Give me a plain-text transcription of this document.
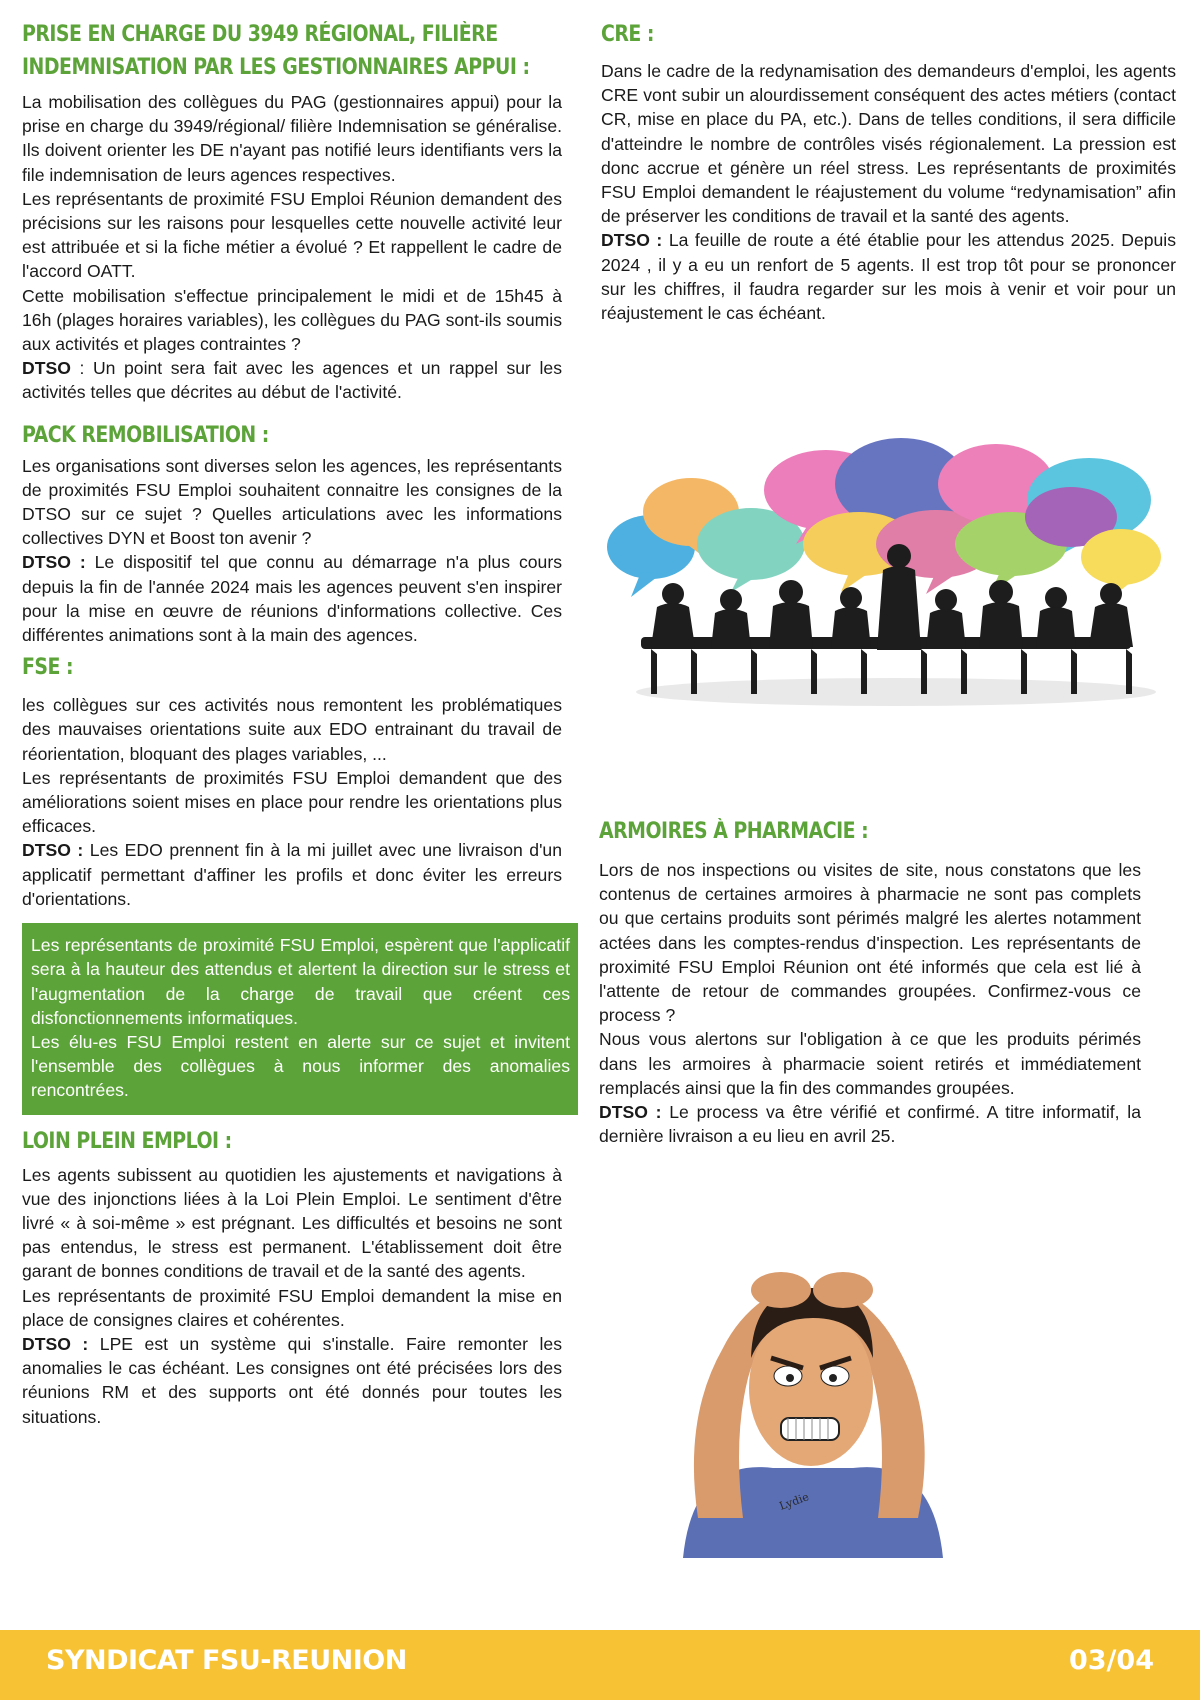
PRISE EN CHARGE DU 3949 RÉGIONAL, FILIÈRE
INDEMNISATION PAR LES GESTIONNAIRES APPUI :

La mobilisation des collègues du PAG (gestionnaires appui) pour la prise en charge du 3949/régional/ filière Indemnisation se généralise. Ils doivent orienter les DE n'ayant pas notifié leurs identifiants vers la file indemnisation de leurs agences respectives.

Les représentants de proximité FSU Emploi Réunion demandent des précisions sur les raisons pour lesquelles cette nouvelle activité leur est attribuée et si la fiche métier a évolué ? Et rappellent le cadre de l'accord OATT.

Cette mobilisation s'effectue principalement le midi et de 15h45 à 16h (plages horaires variables), les collègues du PAG sont-ils soumis aux activités et plages contraintes ?

DTSO : Un point sera fait avec les agences et un rappel sur les activités telles que décrites au début de l'activité.

PACK REMOBILISATION :

Les organisations sont diverses selon les agences, les représentants de proximités FSU Emploi souhaitent connaitre les consignes de la DTSO sur ce sujet ? Quelles articulations avec les informations collectives DYN et Boost ton avenir ?

DTSO : Le dispositif tel que connu au démarrage n'a plus cours depuis la fin de l'année 2024 mais les agences peuvent s'en inspirer pour la mise en œuvre de réunions d'informations collective. Ces différentes animations sont à la main des agences.

FSE :

les collègues sur ces activités nous remontent les problématiques des mauvaises orientations suite aux EDO entrainant du travail de réorientation, bloquant des plages variables, ...

Les représentants de proximités FSU Emploi demandent que des améliorations soient mises en place pour rendre les orientations plus efficaces.

DTSO : Les EDO prennent fin à la mi juillet avec une livraison d'un applicatif permettant d'affiner les profils et donc éviter les erreurs d'orientations.

Les représentants de proximité FSU Emploi, espèrent que l'applicatif sera à la hauteur des attendus et alertent la direction sur le stress et l'augmentation de la charge de travail que créent ces disfonctionnements informatiques.

Les élu-es FSU Emploi restent en alerte sur ce sujet et invitent l'ensemble des collègues à nous informer des anomalies rencontrées.

LOIN PLEIN EMPLOI :

Les agents subissent au quotidien les ajustements et navigations à vue des injonctions liées à la Loi Plein Emploi. Le sentiment d'être livré « à soi-même » est prégnant. Les difficultés et besoins ne sont pas entendus, le stress est permanent. L'établissement doit être garant de bonnes conditions de travail et de la santé des agents.

Les représentants de proximité FSU Emploi demandent la mise en place de consignes claires et cohérentes.

DTSO : LPE est un système qui s'installe. Faire remonter les anomalies le cas échéant. Les consignes ont été précisées lors des réunions RM et des supports ont été donnés pour toutes les situations.

CRE :

Dans le cadre de la redynamisation des demandeurs d'emploi, les agents CRE vont subir un alourdissement conséquent des actes métiers (contact CR, mise en place du PA, etc.). Dans de telles conditions, il sera difficile d'atteindre le nombre de contrôles visés régionalement. La pression est donc accrue et génère un réel stress. Les représentants de proximités FSU Emploi demandent le réajustement du volume “redynamisation” afin de préserver les conditions de travail et la santé des agents.

DTSO : La feuille de route a été établie pour les attendus 2025. Depuis 2024 , il y a eu un renfort de 5 agents. Il est trop tôt pour se prononcer sur les chiffres, il faudra regarder sur les mois à venir et voir pour un réajustement le cas échéant.

ARMOIRES À PHARMACIE :

Lors de nos inspections ou visites de site, nous constatons que les contenus de certaines armoires à pharmacie ne sont pas complets ou que certains produits sont périmés malgré les alertes notamment actées dans les comptes-rendus d'inspection. Les représentants de proximité FSU Emploi Réunion ont été informés que cela est lié à l'attente de retour de commandes groupées. Confirmez-vous ce process ?

Nous vous alertons sur l'obligation à ce que les produits périmés dans les armoires à pharmacie soient retirés et immédiatement remplacés ainsi que la fin des commandes groupées.

DTSO : Le process va être vérifié et confirmé. A titre informatif, la dernière livraison a eu lieu en avril 25.

Lydie
SYNDICAT FSU-REUNION	03/04
